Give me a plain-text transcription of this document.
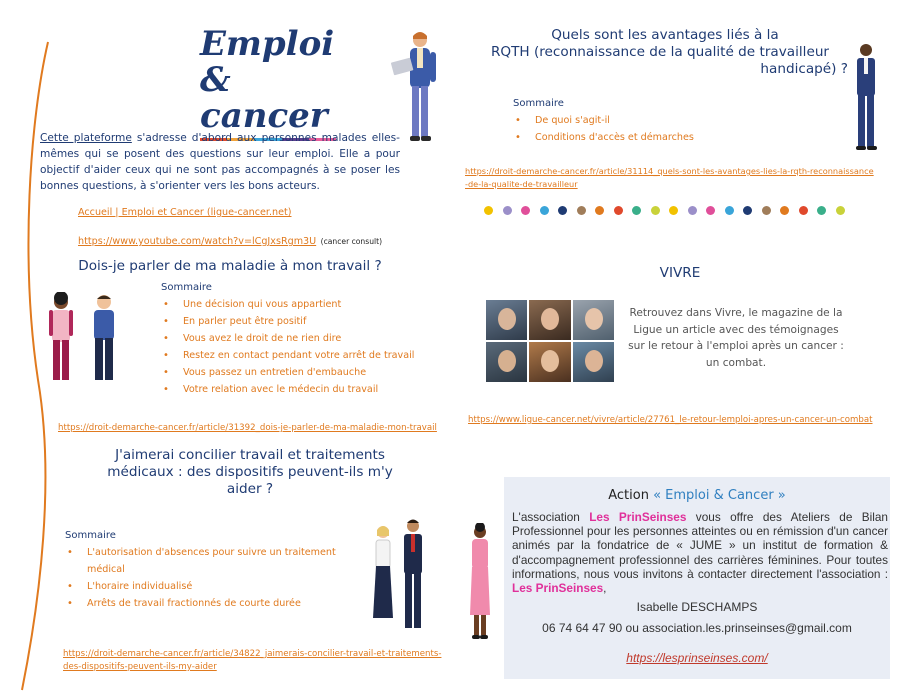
Emploi
& cancer
Cette plateforme s'adresse d'abord aux personnes malades elles-mêmes qui se posent des questions sur leur emploi. Elle a pour objectif d'aider ceux qui ne sont pas accompagnés à se poser les bonnes questions, à s'orienter vers les bons acteurs.
Accueil | Emploi et Cancer (ligue-cancer.net)
https://www.youtube.com/watch?v=lCgJxsRgm3U (cancer consult)
Dois-je parler de ma maladie à mon travail ?
Sommaire
• Une décision qui vous appartient
• En parler peut être positif
• Vous avez le droit de ne rien dire
• Restez en contact pendant votre arrêt de travail
• Vous passez un entretien d'embauche
• Votre relation avec le médecin du travail
https://droit-demarche-cancer.fr/article/31392_dois-je-parler-de-ma-maladie-mon-travail
J'aimerai concilier travail et traitements
médicaux : des dispositifs peuvent-ils m'y
aider ?
Sommaire
• L'autorisation d'absences pour suivre un traitement
médical
• L'horaire individualisé
• Arrêts de travail fractionnés de courte durée
https://droit-demarche-cancer.fr/article/34822_jaimerais-concilier-travail-et-traitements-
des-dispositifs-peuvent-ils-my-aider
Quels sont les avantages liés à la
RQTH (reconnaissance de la qualité de travailleur
handicapé) ?
Sommaire
• De quoi s'agit-il
• Conditions d'accès et démarches
https://droit-demarche-cancer.fr/article/31114_quels-sont-les-avantages-lies-la-rqth-reconnaissance
-de-la-qualite-de-travailleur
VIVRE
Retrouvez dans Vivre, le magazine de la
Ligue un article avec des témoignages
sur le retour à l'emploi après un cancer :
un combat.
https://www.ligue-cancer.net/vivre/article/27761_le-retour-lemploi-apres-un-cancer-un-combat
Action « Emploi & Cancer »
L'association Les PrinSeinses vous offre des Ateliers de Bilan Professionnel pour les personnes atteintes ou en rémission d'un cancer animés par la fondatrice de « JUME » un institut de formation & d'accompagnement professionnel des carrières féminines. Pour toutes informations, nous vous invitons à contacter directement l'association : Les PrinSeinses,
Isabelle DESCHAMPS
06 74 64 47 90 ou association.les.prinseinses@gmail.com
https://lesprinseinses.com/
